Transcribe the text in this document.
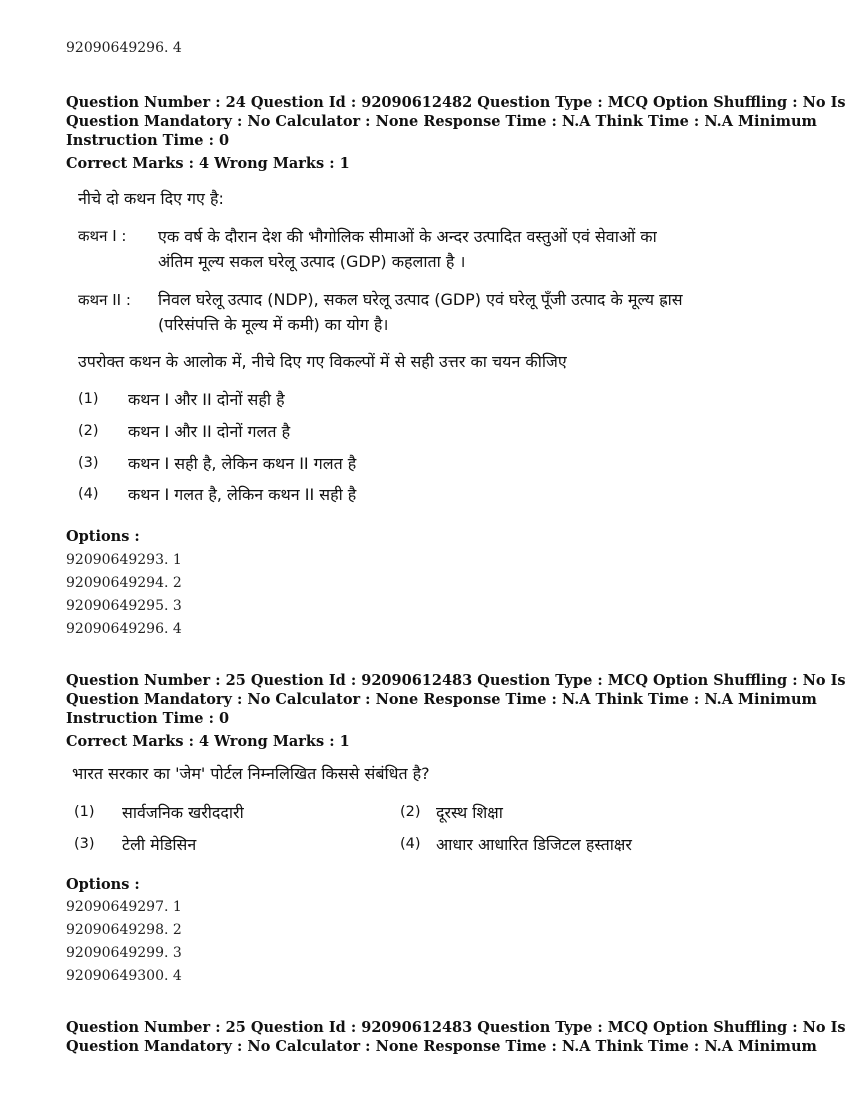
92090649296. 4
Question Number : 24 Question Id : 92090612482 Question Type : MCQ Option Shuffling : No Is
Question Mandatory : No Calculator : None Response Time : N.A Think Time : N.A Minimum
Instruction Time : 0
Correct Marks : 4 Wrong Marks : 1
नीचे दो कथन दिए गए है:
कथन I : एक वर्ष के दौरान देश की भौगोलिक सीमाओं के अन्दर उत्पादित वस्तुओं एवं सेवाओं का
अंतिम मूल्य सकल घरेलू उत्पाद (GDP) कहलाता है ।
कथन II : निवल घरेलू उत्पाद (NDP), सकल घरेलू उत्पाद (GDP) एवं घरेलू पूँजी उत्पाद के मूल्य ह्रास
(परिसंपत्ति के मूल्य में कमी) का योग है।
उपरोक्त कथन के आलोक में, नीचे दिए गए विकल्पों में से सही उत्तर का चयन कीजिए
(1) कथन I और II दोनों सही है
(2) कथन I और II दोनों गलत है
(3) कथन I सही है, लेकिन कथन II गलत है
(4) कथन I गलत है, लेकिन कथन II सही है
Options :
92090649293. 1
92090649294. 2
92090649295. 3
92090649296. 4
Question Number : 25 Question Id : 92090612483 Question Type : MCQ Option Shuffling : No Is
Question Mandatory : No Calculator : None Response Time : N.A Think Time : N.A Minimum
Instruction Time : 0
Correct Marks : 4 Wrong Marks : 1
भारत सरकार का 'जेम' पोर्टल निम्नलिखित किससे संबंधित है?
(1) सार्वजनिक खरीददारी	(2) दूरस्थ शिक्षा
(3) टेली मेडिसिन	(4) आधार आधारित डिजिटल हस्ताक्षर
Options :
92090649297. 1
92090649298. 2
92090649299. 3
92090649300. 4
Question Number : 25 Question Id : 92090612483 Question Type : MCQ Option Shuffling : No Is
Question Mandatory : No Calculator : None Response Time : N.A Think Time : N.A Minimum
